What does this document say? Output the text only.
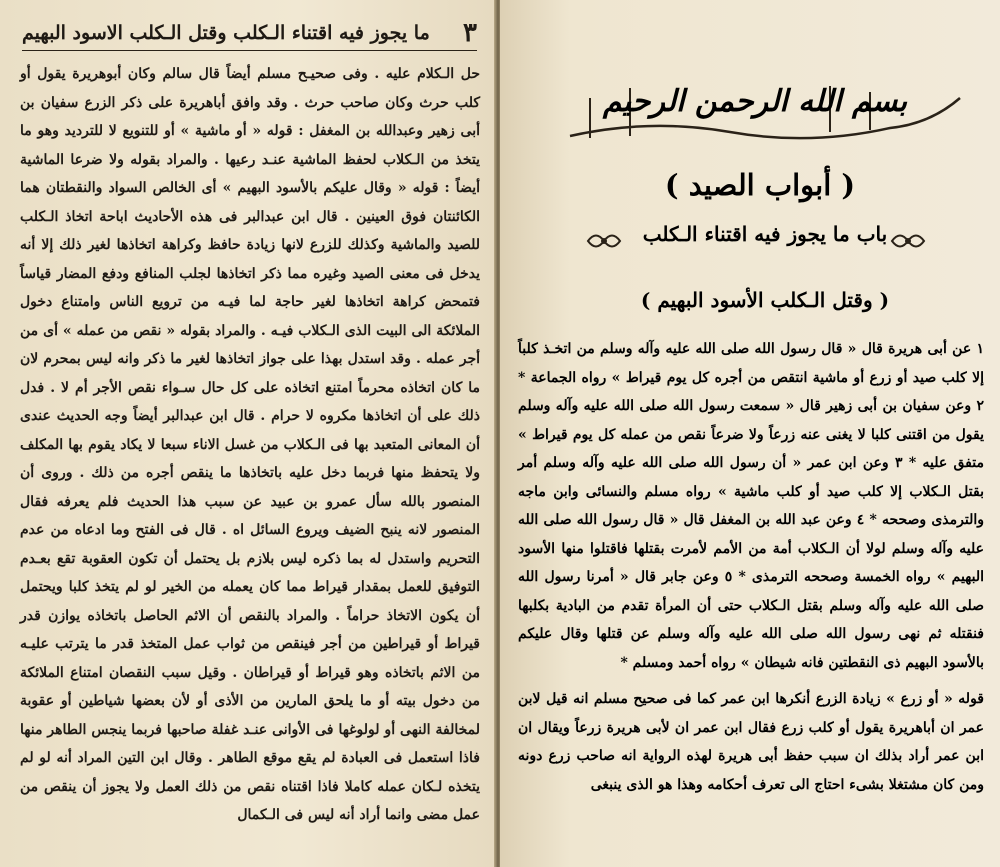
٣
ما يجوز فيه اقتناء الـكلب وقتل الـكلب الاسود البهيم

حل الـكلام عليه . وفى صحيـح مسلم أيضاً قال سالم وكان أبوهريرة يقول أو كلب حرث وكان صاحب حرث . وقد وافق أباهريرة على ذكر الزرع سفيان بن أبى زهير وعبدالله بن المغفل : قوله « أو ماشية » أو للتنويع لا للترديد وهو ما يتخذ من الـكلاب لحفظ الماشية عنـد رعيها . والمراد بقوله ولا ضرعا الماشية أيضاً : قوله « وقال عليكم بالأسود البهيم » أى الخالص السواد والنقطتان هما الكائنتان فوق العينين . قال ابن عبدالبر فى هذه الأحاديث اباحة اتخاذ الـكلب للصيد والماشية وكذلك للزرع لانها زيادة حافظ وكراهة اتخاذها لغير ذلك إلا أنه يدخل فى معنى الصيد وغيره مما ذكر اتخاذها لجلب المنافع ودفع المضار قياساً فتمحض كراهة اتخاذها لغير حاجة لما فيـه من ترويع الناس وامتناع دخول الملائكة الى البيت الذى الـكلاب فيـه . والمراد بقوله « نقص من عمله » أى من أجر عمله . وقد استدل بهذا على جواز اتخاذها لغير ما ذكر وانه ليس بمحرم لان ما كان اتخاذه محرماً امتنع اتخاذه على كل حال سـواء نقص الأجر أم لا . فدل ذلك على أن اتخاذها مكروه لا حرام . قال ابن عبدالبر أيضاً وجه الحديث عندى أن المعانى المتعبد بها فى الـكلاب من غسل الاناء سبعا لا يكاد يقوم بها المكلف ولا يتحفظ منها فربما دخل عليه باتخاذها ما ينقص أجره من ذلك . وروى أن المنصور بالله سأل عمرو بن عبيد عن سبب هذا الحديث فلم يعرفه فقال المنصور لانه ينبح الضيف ويروع السائل اه . قال فى الفتح وما ادعاه من عدم التحريم واستدل له بما ذكره ليس بلازم بل يحتمل أن تكون العقوبة تقع بعـدم التوفيق للعمل بمقدار قيراط مما كان يعمله من الخير لو لم يتخذ كلبا ويحتمل أن يكون الاتخاذ حراماً . والمراد بالنقص أن الاثم الحاصل باتخاذه يوازن قدر قيراط أو قيراطين من أجر فينقص من ثواب عمل المتخذ قدر ما يترتب عليـه من الاثم باتخاذه وهو قيراط أو قيراطان . وقيل سبب النقصان امتناع الملائكة من دخول بيته أو ما يلحق المارين من الأذى أو لأن بعضها شياطين أو عقوبة لمخالفة النهى أو لولوغها فى الأوانى عنـد غفلة صاحبها فربما ينجس الطاهر منها فاذا استعمل فى العبادة لم يقع موقع الطاهر . وقال ابن التين المراد أنه لو لم يتخذه لـكان عمله كاملا فاذا اقتناه نقص من ذلك العمل ولا يجوز أن ينقص من عمل مضى وانما أراد أنه ليس فى الـكمال

بسم الله الرحمن الرحيم
( أبواب الصيد )
باب ما يجوز فيه اقتناء الـكلب
( وقتل الـكلب الأسود البهيم )

١ عن أبى هريرة قال « قال رسول الله صلى الله عليه وآله وسلم من اتخـذ كلباً إلا كلب صيد أو زرع أو ماشية انتقص من أجره كل يوم قيراط » رواه الجماعة * ٢ وعن سفيان بن أبى زهير قال « سمعت رسول الله صلى الله عليه وآله وسلم يقول من اقتنى كلبا لا يغنى عنه زرعاً ولا ضرعاً نقص من عمله كل يوم قيراط » متفق عليه * ٣ وعن ابن عمر « أن رسول الله صلى الله عليه وآله وسلم أمر بقتل الـكلاب إلا كلب صيد أو كلب ماشية » رواه مسلم والنسائى وابن ماجه والترمذى وصححه * ٤ وعن عبد الله بن المغفل قال « قال رسول الله صلى الله عليه وآله وسلم لولا أن الـكلاب أمة من الأمم لأمرت بقتلها فاقتلوا منها الأسود البهيم » رواه الخمسة وصححه الترمذى * ٥ وعن جابر قال « أمرنا رسول الله صلى الله عليه وآله وسلم بقتل الـكلاب حتى أن المرأة تقدم من البادية بكلبها فنقتله ثم نهى رسول الله صلى الله عليه وآله وسلم عن قتلها وقال عليكم بالأسود البهيم ذى النقطتين فانه شيطان » رواه أحمد ومسلم *

قوله « أو زرع » زيادة الزرع أنكرها ابن عمر كما فى صحيح مسلم انه قيل لابن عمر ان أباهريرة يقول أو كلب زرع فقال ابن عمر ان لأبى هريرة زرعاً ويقال ان ابن عمر أراد بذلك ان سبب حفظ أبى هريرة لهذه الرواية انه صاحب زرع دونه ومن كان مشتغلا بشىء احتاج الى تعرف أحكامه وهذا هو الذى ينبغى
